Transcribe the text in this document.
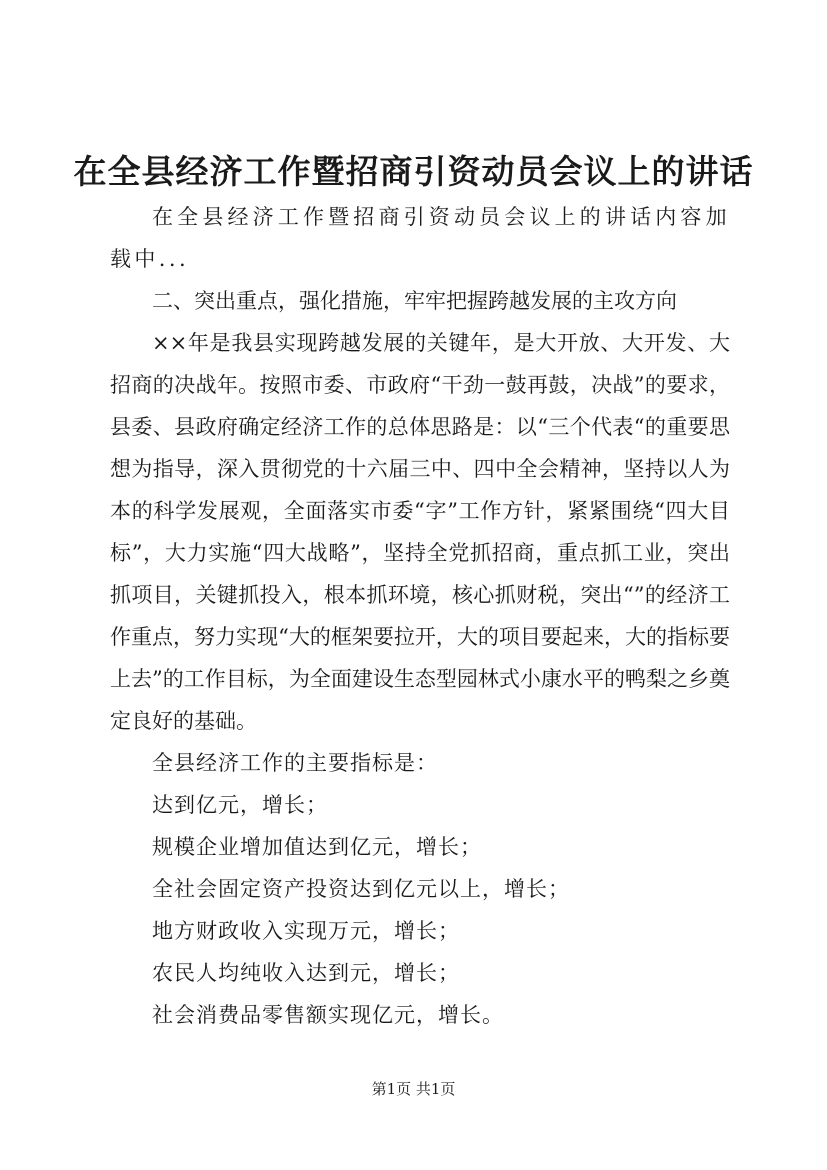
在全县经济工作暨招商引资动员会议上的讲话

在全县经济工作暨招商引资动员会议上的讲话内容加载中...

二、突出重点，强化措施，牢牢把握跨越发展的主攻方向

××年是我县实现跨越发展的关键年，是大开放、大开发、大招商的决战年。按照市委、市政府“干劲一鼓再鼓，决战”的要求，县委、县政府确定经济工作的总体思路是：以“三个代表“的重要思想为指导，深入贯彻党的十六届三中、四中全会精神，坚持以人为本的科学发展观，全面落实市委“字”工作方针，紧紧围绕“四大目标”，大力实施“四大战略”，坚持全党抓招商，重点抓工业，突出抓项目，关键抓投入，根本抓环境，核心抓财税，突出“”的经济工作重点，努力实现“大的框架要拉开，大的项目要起来，大的指标要上去”的工作目标，为全面建设生态型园林式小康水平的鸭梨之乡奠定良好的基础。

全县经济工作的主要指标是：

达到亿元，增长；

规模企业增加值达到亿元，增长；

全社会固定资产投资达到亿元以上，增长；

地方财政收入实现万元，增长；

农民人均纯收入达到元，增长；

社会消费品零售额实现亿元，增长。

第1页 共1页
